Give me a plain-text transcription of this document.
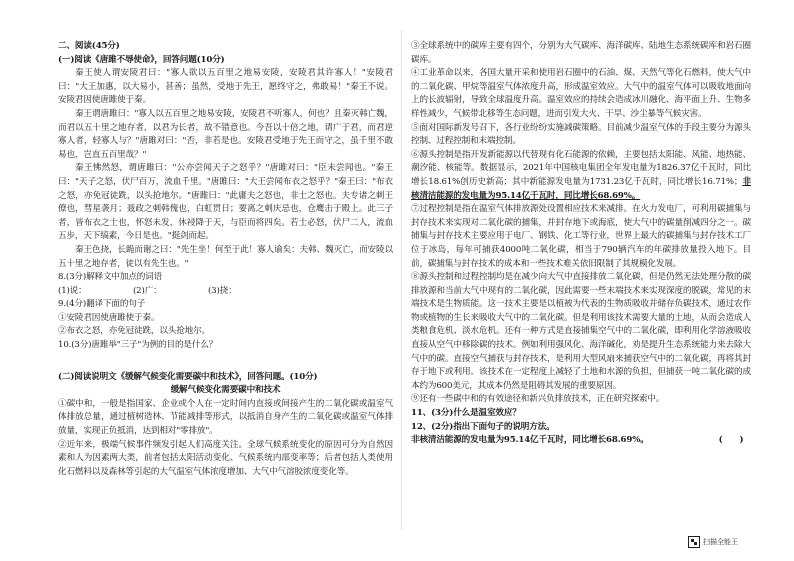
二、阅读(45分)

(一)阅读《唐雎不辱使命》，回答问题(10分)

秦王使人谓安陵君曰："寡人欲以五百里之地易安陵，安陵君其许寡人！"安陵君曰："大王加惠，以大易小，甚善；虽然，受地于先王，愿终守之，弗敢易！"秦王不说。安陵君因使唐雎使于秦。

秦王谓唐雎曰："寡人以五百里之地易安陵，安陵君不听寡人，何也？且秦灭韩亡魏，而君以五十里之地存者，以君为长者，故不错意也。今吾以十倍之地，请广于君，而君逆寡人者，轻寡人与？"唐雎对曰："否，非若是也。安陵君受地于先王而守之，虽千里不敢易也，岂直五百里哉？"

秦王怫然怒，谓唐雎曰："公亦尝闻天子之怒乎？"唐雎对曰："臣未尝闻也。"秦王曰："天子之怒，伏尸百万，流血千里。"唐雎曰："大王尝闻布衣之怒乎？"秦王曰："布衣之怒，亦免冠徒跣，以头抢地尔。"唐雎曰："此庸夫之怒也，非士之怒也。夫专诸之刺王僚也，彗星袭月；聂政之刺韩傀也，白虹贯日；要离之刺庆忌也，仓鹰击于殿上。此三子者，皆布衣之士也，怀怒未发，休祲降于天，与臣而将四矣。若士必怒，伏尸二人，流血五步，天下缟素，今日是也。"挺剑而起。

秦王色挠，长跪而谢之曰："先生坐！何至于此！寡人谕矣：夫韩、魏灭亡，而安陵以五十里之地存者，徒以有先生也。"

8.(3分)解释文中加点的词语

(1)说：　　　　　　(2)广：　　　　　　(3)挠：

9.(4分)翻译下面的句子

①安陵君因使唐雎使于秦。

②布衣之怒，亦免冠徒跣，以头抢地尔。

10.(3分)唐雎举"三子"为例的目的是什么？

(二)阅读说明文《缓解气候变化需要碳中和技术》，回答问题。(10分)

缓解气候变化需要碳中和技术

①碳中和，一般是指国家、企业或个人在一定时间内直接或间接产生的二氧化碳或温室气体排放总量，通过植树造林、节能减排等形式，以抵消自身产生的二氧化碳或温室气体排放量，实现正负抵消，达到相对"零排放"。

②近年来，极端气候事件频发引起人们高度关注。全球气候系统变化的原因可分为自然因素和人为因素两大类，前者包括太阳活动变化、气候系统内部变率等；后者包括人类使用化石燃料以及森林等引起的大气温室气体浓度增加、大气中气溶胶浓度变化等。

③全球系统中的碳库主要有四个，分别为大气碳库、海洋碳库、陆地生态系统碳库和岩石圈碳库。

④工业革命以来，各国大量开采和使用岩石圈中的石油、煤、天然气等化石燃料，使大气中的二氧化碳、甲烷等温室气体浓度升高，形成温室效应。大气中的温室气体可以吸收地面向上的长波辐射，导致全球温度升高。温室效应的持续会造成冰川融化、海平面上升、生物多样性减少，气候带北移等生态问题，进而引发大火、干旱、沙尘暴等气候灾害。

⑤面对国际新发号召下，各行业纷纷实施减碳策略。目前减少温室气体的手段主要分为源头控制、过程控制和末端控制。

⑥源头控制是指开发新能源以代替现有化石能源的依赖，主要包括太阳能、风能、地热能、潮汐能、核能等。数据显示，2021年中国核电集团全年发电量为1826.37亿千瓦时，同比增长18.61%创历史新高；其中新能源发电量为1731.23亿千瓦时，同比增长16.71%；非核清洁能源的发电量为95.14亿千瓦时，同比增长68.69%。

⑦过程控制是指在温室气体排放源处设置相应技术来减排。在火力发电厂，可利用碳捕集与封存技术来实现对二氧化碳的捕集，并封存地下或海底，使大气中的碳量削减四分之一。碳捕集与封存技术主要应用于电厂、钢铁、化工等行业，世界上最大的碳捕集与封存技术工厂位于冰岛，每年可捕获4000吨二氧化碳，相当于790辆汽车的年碳排放量投入地下。目前，碳捕集与封存技术的成本和一些技术难关依旧限制了其规模化发展。

⑧源头控制和过程控制均是在减少向大气中直接排放二氧化碳，但是仍然无法处理分散的碳排放源和当前大气中现有的二氧化碳，因此需要一些末端技术来实现深度的脱碳，常见的末端技术是生物质能。这一技术主要是以植被为代表的生物质吸收并储存负碳技术，通过农作物或植物的生长来吸收大气中的二氧化碳。但是利用该技术需要大量的土地，从而会造成人类粮食危机、淡水危机。还有一种方式是直接捕集空气中的二氧化碳，即利用化学溶液吸收直接从空气中移除碳的技术。例如利用强风化、海洋碱化，劝是提升生态系统能力来去除大气中的碳。直接空气捕获与封存技术，是利用大型风扇来捕获空气中的二氧化碳，再将其封存于地下或利用。该技术在一定程度上减轻了土地和水源的负担，但捕获一吨二氧化碳的成本约为600美元，其成本仍然是阻碍其发展的重要原因。

⑨还有一些碳中和的有效途径和新兴负排放技术，正在研究探索中。

11、(3分)什么是温室效应？

12、(2分)指出下面句子的说明方法。

非核清洁能源的发电量为95.14亿千瓦时，同比增长68.69%。	(　　)

扫描全能王
